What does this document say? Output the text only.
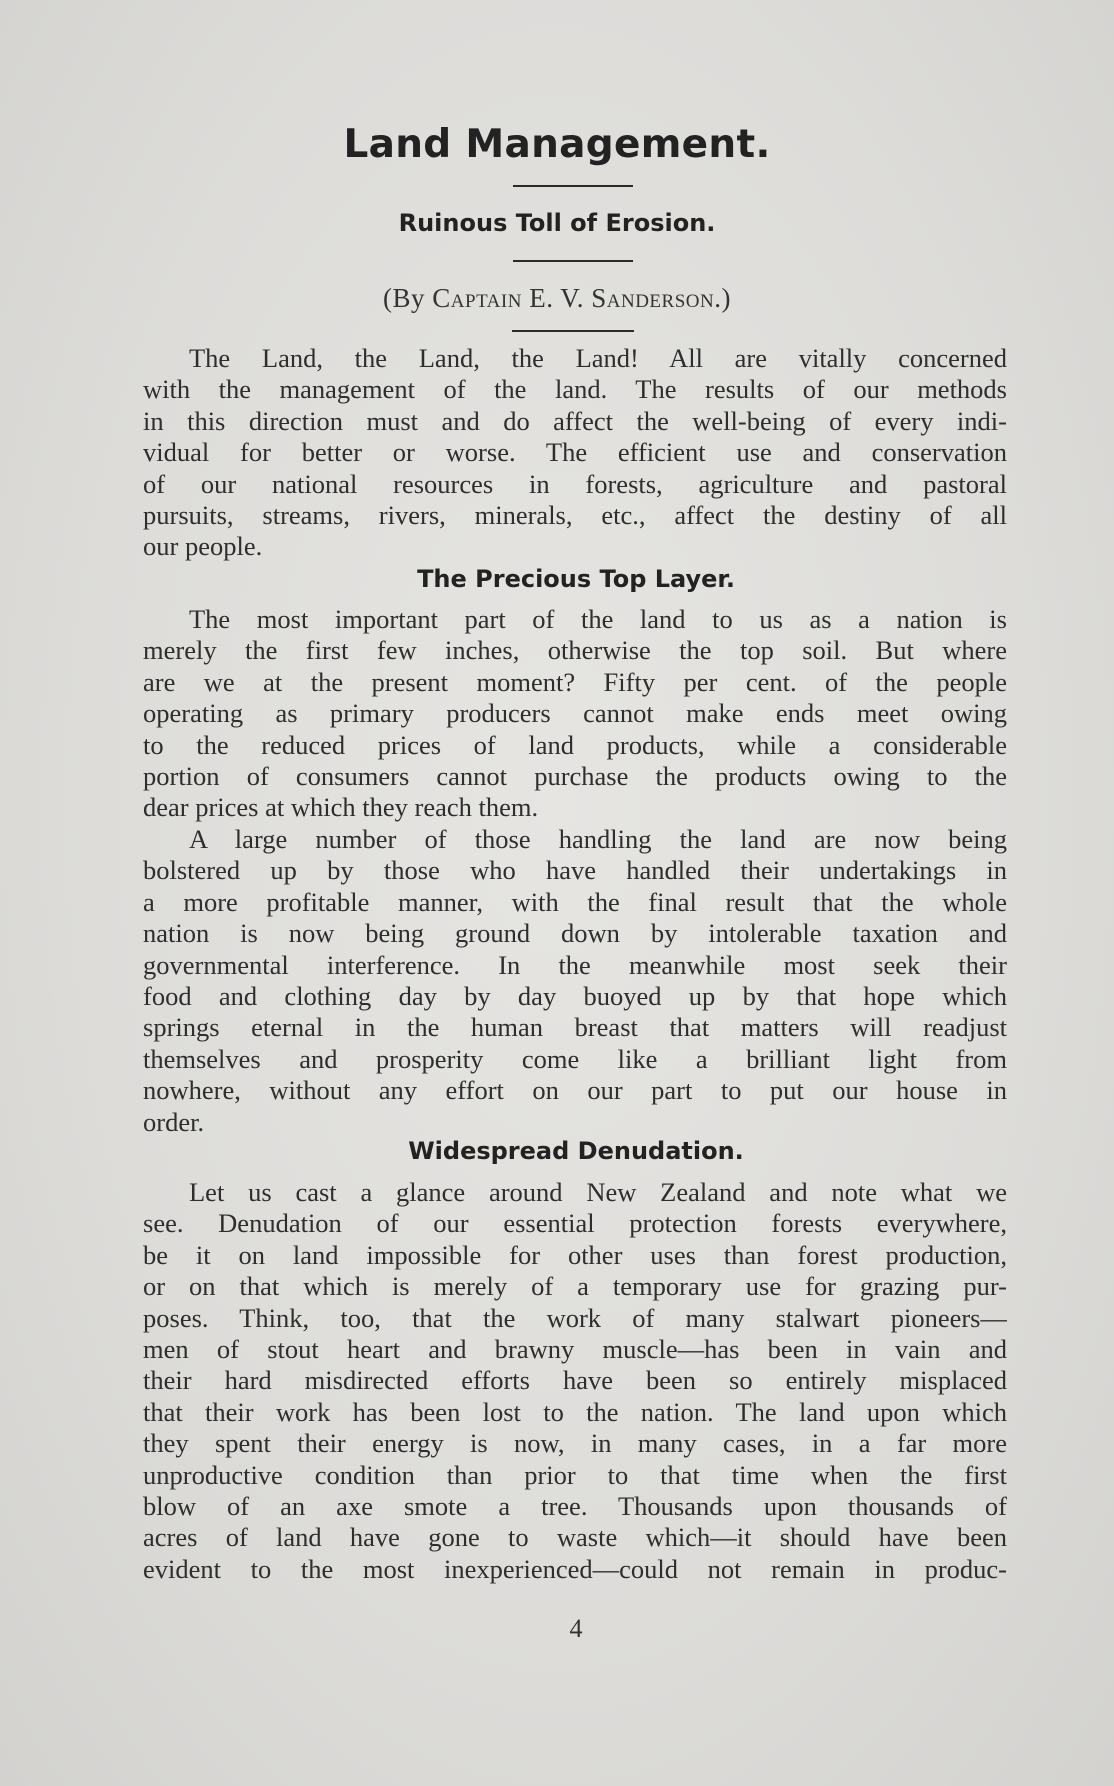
Land Management.
Ruinous Toll of Erosion.
(By Captain E. V. Sanderson.)
The Land, the Land, the Land! All are vitally concerned
with the management of the land. The results of our methods
in this direction must and do affect the well-being of every indi-
vidual for better or worse. The efficient use and conservation
of our national resources in forests, agriculture and pastoral
pursuits, streams, rivers, minerals, etc., affect the destiny of all
our people.
The Precious Top Layer.
The most important part of the land to us as a nation is
merely the first few inches, otherwise the top soil. But where
are we at the present moment? Fifty per cent. of the people
operating as primary producers cannot make ends meet owing
to the reduced prices of land products, while a considerable
portion of consumers cannot purchase the products owing to the
dear prices at which they reach them.
A large number of those handling the land are now being
bolstered up by those who have handled their undertakings in
a more profitable manner, with the final result that the whole
nation is now being ground down by intolerable taxation and
governmental interference. In the meanwhile most seek their
food and clothing day by day buoyed up by that hope which
springs eternal in the human breast that matters will readjust
themselves and prosperity come like a brilliant light from
nowhere, without any effort on our part to put our house in
order.
Widespread Denudation.
Let us cast a glance around New Zealand and note what we
see. Denudation of our essential protection forests everywhere,
be it on land impossible for other uses than forest production,
or on that which is merely of a temporary use for grazing pur-
poses. Think, too, that the work of many stalwart pioneers—
men of stout heart and brawny muscle—has been in vain and
their hard misdirected efforts have been so entirely misplaced
that their work has been lost to the nation. The land upon which
they spent their energy is now, in many cases, in a far more
unproductive condition than prior to that time when the first
blow of an axe smote a tree. Thousands upon thousands of
acres of land have gone to waste which—it should have been
evident to the most inexperienced—could not remain in produc-
4
